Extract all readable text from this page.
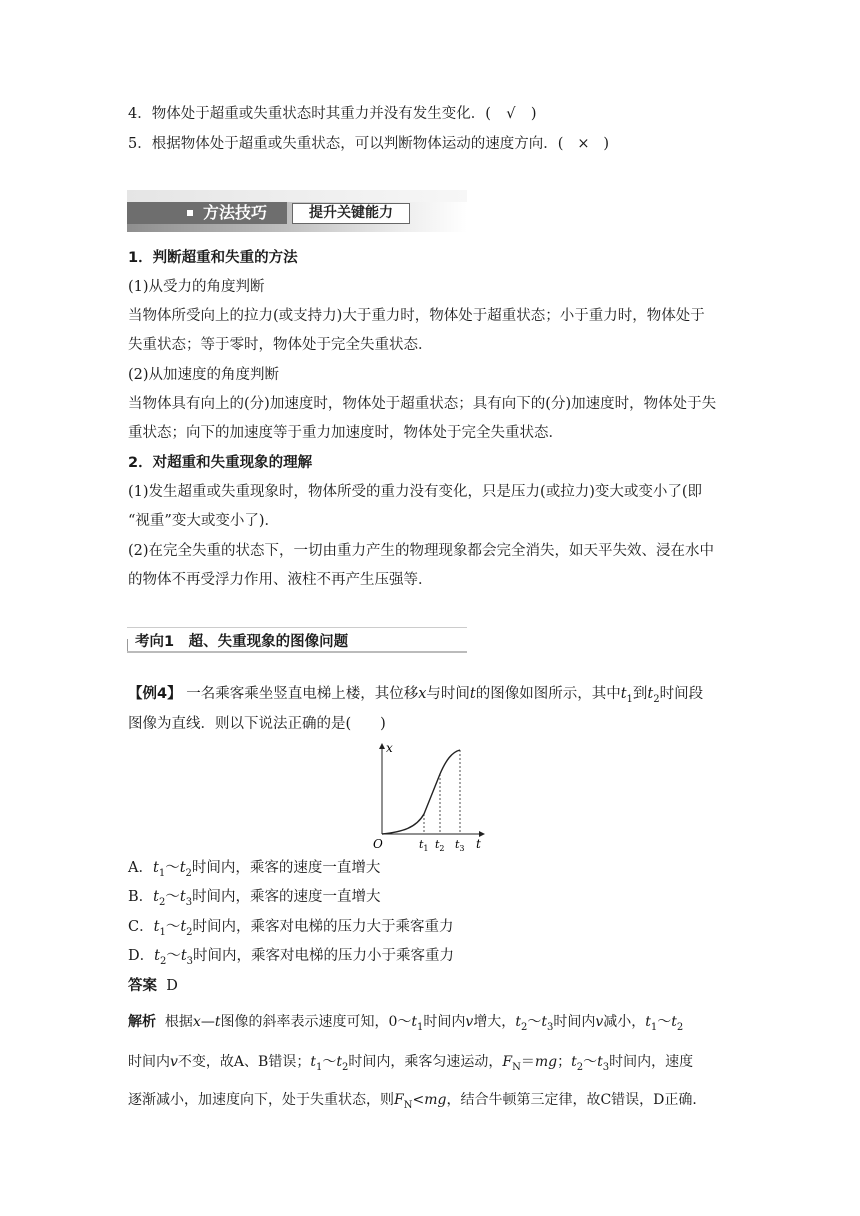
4．物体处于超重或失重状态时其重力并没有发生变化．( √ )
5．根据物体处于超重或失重状态，可以判断物体运动的速度方向．( × )
方法技巧	提升关键能力
1．判断超重和失重的方法
(1)从受力的角度判断
当物体所受向上的拉力(或支持力)大于重力时，物体处于超重状态；小于重力时，物体处于
失重状态；等于零时，物体处于完全失重状态．
(2)从加速度的角度判断
当物体具有向上的(分)加速度时，物体处于超重状态；具有向下的(分)加速度时，物体处于失
重状态；向下的加速度等于重力加速度时，物体处于完全失重状态．
2．对超重和失重现象的理解
(1)发生超重或失重现象时，物体所受的重力没有变化，只是压力(或拉力)变大或变小了(即
“视重”变大或变小了)．
(2)在完全失重的状态下，一切由重力产生的物理现象都会完全消失，如天平失效、浸在水中
的物体不再受浮力作用、液柱不再产生压强等．
考向1　超、失重现象的图像问题
【例4】 一名乘客乘坐竖直电梯上楼，其位移x与时间t的图像如图所示，其中$t_1$到$t_2$时间段
图像为直线．则以下说法正确的是(　　)
x
O	t
$t_1$ $t_2$ $t_3$
A．$t_1\sim t_2$时间内，乘客的速度一直增大
B．$t_2\sim t_3$时间内，乘客的速度一直增大
C．$t_1\sim t_2$时间内，乘客对电梯的压力大于乘客重力
D．$t_2\sim t_3$时间内，乘客对电梯的压力小于乘客重力
答案 D
解析 根据x—t图像的斜率表示速度可知，$0\sim t_1$时间内v增大，$t_2\sim t_3$时间内v减小，$t_1\sim t_2$
时间内v不变，故A、B错误；$t_1\sim t_2$时间内，乘客匀速运动，$F_N=mg$；$t_2\sim t_3$时间内，速度
逐渐减小，加速度向下，处于失重状态，则$F_N<mg$，结合牛顿第三定律，故C错误，D正确．
